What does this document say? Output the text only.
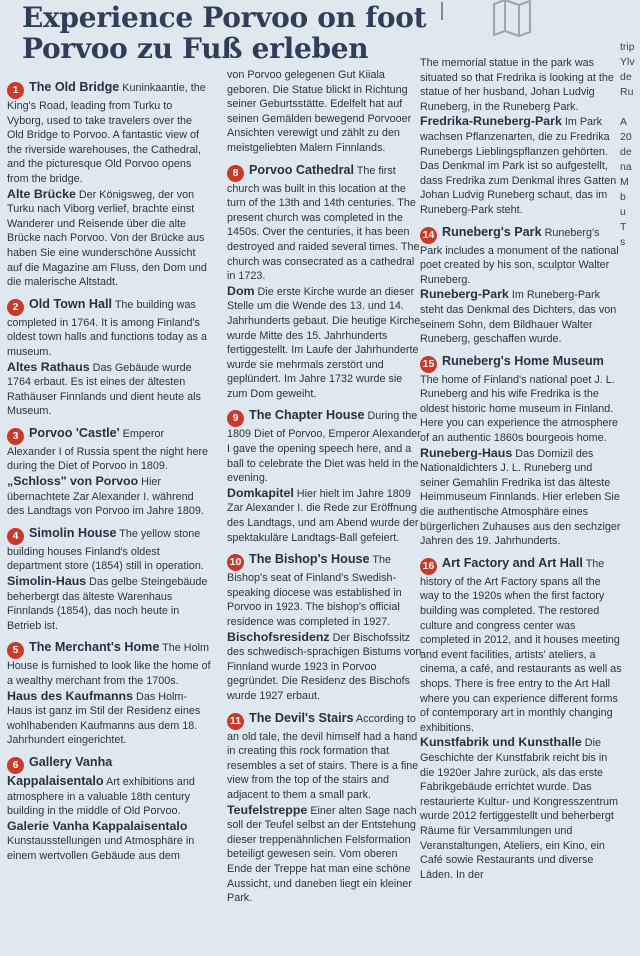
Experience Porvoo on foot
Porvoo zu Fuß erleben

1 The Old Bridge Kuninkaantie, the King's Road, leading from Turku to Vyborg, used to take travelers over the Old Bridge to Porvoo. A fantastic view of the riverside warehouses, the Cathedral, and the picturesque Old Porvoo opens from the bridge.

Alte Brücke Der Königsweg, der von Turku nach Viborg verlief, brachte einst Wanderer und Reisende über die alte Brücke nach Porvoo. Von der Brücke aus haben Sie eine wunderschöne Aussicht auf die Magazine am Fluss, den Dom und die malerische Altstadt.

2 Old Town Hall The building was completed in 1764. It is among Finland's oldest town halls and functions today as a museum.

Altes Rathaus Das Gebäude wurde 1764 erbaut. Es ist eines der ältesten Rathäuser Finnlands und dient heute als Museum.

3 Porvoo 'Castle' Emperor Alexander I of Russia spent the night here during the Diet of Porvoo in 1809.

„Schloss" von Porvoo Hier übernachtete Zar Alexander I. während des Landtags von Porvoo im Jahre 1809.

4 Simolin House The yellow stone building houses Finland's oldest department store (1854) still in operation.

Simolin-Haus Das gelbe Steingebäude beherbergt das älteste Warenhaus Finnlands (1854), das noch heute in Betrieb ist.

5 The Merchant's Home The Holm House is furnished to look like the home of a wealthy merchant from the 1700s.

Haus des Kaufmanns Das Holm-Haus ist ganz im Stil der Residenz eines wohlhabenden Kaufmanns aus dem 18. Jahrhundert eingerichtet.

6 Gallery Vanha Kappalaisentalo Art exhibitions and atmosphere in a valuable 18th century building in the middle of Old Porvoo.

Galerie Vanha Kappalaisentalo Kunstausstellungen und Atmosphäre in einem wertvollen Gebäude aus dem

von Porvoo gelegenen Gut Kiiala geboren. Die Statue blickt in Richtung seiner Geburtsstätte. Edelfelt hat auf seinen Gemälden bewegend Porvooer Ansichten verewigt und zählt zu den meistgeliebten Malern Finnlands.

8 Porvoo Cathedral The first church was built in this location at the turn of the 13th and 14th centuries. The present church was completed in the 1450s. Over the centuries, it has been destroyed and raided several times. The church was consecrated as a cathedral in 1723.

Dom Die erste Kirche wurde an dieser Stelle um die Wende des 13. und 14. Jahrhunderts gebaut. Die heutige Kirche wurde Mitte des 15. Jahrhunderts fertiggestellt. Im Laufe der Jahrhunderte wurde sie mehrmals zerstört und geplündert. Im Jahre 1732 wurde sie zum Dom geweiht.

9 The Chapter House During the 1809 Diet of Porvoo, Emperor Alexander I gave the opening speech here, and a ball to celebrate the Diet was held in the evening.

Domkapitel Hier hielt im Jahre 1809 Zar Alexander I. die Rede zur Eröffnung des Landtags, und am Abend wurde der spektakuläre Landtags-Ball gefeiert.

10 The Bishop's House The Bishop's seat of Finland's Swedish-speaking diocese was established in Porvoo in 1923. The bishop's official residence was completed in 1927.

Bischofsresidenz Der Bischofssitz des schwedisch-sprachigen Bistums von Finnland wurde 1923 in Porvoo gegründet. Die Residenz des Bischofs wurde 1927 erbaut.

11 The Devil's Stairs According to an old tale, the devil himself had a hand in creating this rock formation that resembles a set of stairs. There is a fine view from the top of the stairs and adjacent to them a small park.

Teufelstreppe Einer alten Sage nach soll der Teufel selbst an der Entstehung dieser treppenähnlichen Felsformation beteiligt gewesen sein. Vom oberen Ende der Treppe hat man eine schöne Aussicht, und daneben liegt ein kleiner Park.

The memorial statue in the park was situated so that Fredrika is looking at the statue of her husband, Johan Ludvig Runeberg, in the Runeberg Park.

Fredrika-Runeberg-Park Im Park wachsen Pflanzenarten, die zu Fredrika Runebergs Lieblingspflanzen gehörten. Das Denkmal im Park ist so aufgestellt, dass Fredrika zum Denkmal ihres Gatten Johan Ludvig Runeberg schaut, das im Runeberg-Park steht.

14 Runeberg's Park Runeberg's Park includes a monument of the national poet created by his son, sculptor Walter Runeberg.

Runeberg-Park Im Runeberg-Park steht das Denkmal des Dichters, das von seinem Sohn, dem Bildhauer Walter Runeberg, geschaffen wurde.

15 Runeberg's Home Museum The home of Finland's national poet J. L. Runeberg and his wife Fredrika is the oldest historic home museum in Finland. Here you can experience the atmosphere of an authentic 1860s bourgeois home.

Runeberg-Haus Das Domizil des Nationaldichters J. L. Runeberg und seiner Gemahlin Fredrika ist das älteste Heimmuseum Finnlands. Hier erleben Sie die authentische Atmosphäre eines bürgerlichen Zuhauses aus den sechziger Jahren des 19. Jahrhunderts.

16 Art Factory and Art Hall The history of the Art Factory spans all the way to the 1920s when the first factory building was completed. The restored culture and congress center was completed in 2012, and it houses meeting and event facilities, artists' ateliers, a cinema, a café, and restaurants as well as shops. There is free entry to the Art Hall where you can experience different forms of contemporary art in monthly changing exhibitions.

Kunstfabrik und Kunsthalle Die Geschichte der Kunstfabrik reicht bis in die 1920er Jahre zurück, als das erste Fabrikgebäude errichtet wurde. Das restaurierte Kultur- und Kongresszentrum wurde 2012 fertiggestellt und beherbergt Räume für Versammlungen und Veranstaltungen, Ateliers, ein Kino, ein Café sowie Restaurants und diverse Läden. In der

trip
Ylv
de
Ru
A
20
de
na
M
b
u
T
s
